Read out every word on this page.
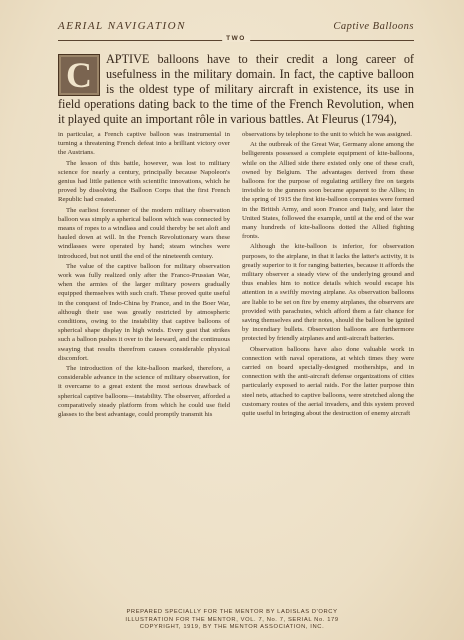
AERIAL NAVIGATION	Captive Balloons
TWO
C APTIVE balloons have to their credit a long career of usefulness in the military domain. In fact, the captive balloon is the oldest type of military aircraft in existence, its use in field operations dating back to the time of the French Revolution, when it played quite an important rôle in various battles. At Fleurus (1794),

in particular, a French captive balloon was instrumental in turning a threatening French defeat into a brilliant victory over the Austrians.

The lesson of this battle, however, was lost to military science for nearly a century, principally because Napoleon's genius had little patience with scientific innovations, which he proved by dissolving the Balloon Corps that the first French Republic had created.

The earliest forerunner of the modern military observation balloon was simply a spherical balloon which was connected by means of ropes to a windlass and could thereby be set aloft and hauled down at will. In the French Revolutionary wars these windlasses were operated by hand; steam winches were introduced, but not until the end of the nineteenth century.

The value of the captive balloon for military observation work was fully realized only after the Franco-Prussian War, when the armies of the larger military powers gradually equipped themselves with such craft. These proved quite useful in the conquest of Indo-China by France, and in the Boer War, although their use was greatly restricted by atmospheric conditions, owing to the instability that captive balloons of spherical shape display in high winds. Every gust that strikes such a balloon pushes it over to the leeward, and the continuous swaying that results therefrom causes considerable physical discomfort.

The introduction of the kite-balloon marked, therefore, a considerable advance in the science of military observation, for it overcame to a great extent the most serious drawback of spherical captive balloons—instability. The observer, afforded a comparatively steady platform from which he could use field glasses to the best advantage, could promptly transmit his

observations by telephone to the unit to which he was assigned.

At the outbreak of the Great War, Germany alone among the belligerents possessed a complete equipment of kite-balloons, while on the Allied side there existed only one of these craft, owned by Belgium. The advantages derived from these balloons for the purpose of regulating artillery fire on targets invisible to the gunners soon became apparent to the Allies; in the spring of 1915 the first kite-balloon companies were formed in the British Army, and soon France and Italy, and later the United States, followed the example, until at the end of the war many hundreds of kite-balloons dotted the Allied fighting fronts.

Although the kite-balloon is inferior, for observation purposes, to the airplane, in that it lacks the latter's activity, it is greatly superior to it for ranging batteries, because it affords the military observer a steady view of the underlying ground and thus enables him to notice details which would escape his attention in a swiftly moving airplane. As observation balloons are liable to be set on fire by enemy airplanes, the observers are provided with parachutes, which afford them a fair chance for saving themselves and their notes, should the balloon be ignited by incendiary bullets. Observation balloons are furthermore protected by friendly airplanes and anti-aircraft batteries.

Observation balloons have also done valuable work in connection with naval operations, at which times they were carried on board specially-designed motherships, and in connection with the anti-aircraft defense organizations of cities particularly exposed to aerial raids. For the latter purpose thin steel nets, attached to captive balloons, were stretched along the customary routes of the aerial invaders, and this system proved quite useful in bringing about the destruction of enemy aircraft

PREPARED SPECIALLY FOR THE MENTOR BY LADISLAS D'ORCY
ILLUSTRATION FOR THE MENTOR, VOL. 7, No. 7, SERIAL No. 179
COPYRIGHT, 1919, BY THE MENTOR ASSOCIATION, INC.
